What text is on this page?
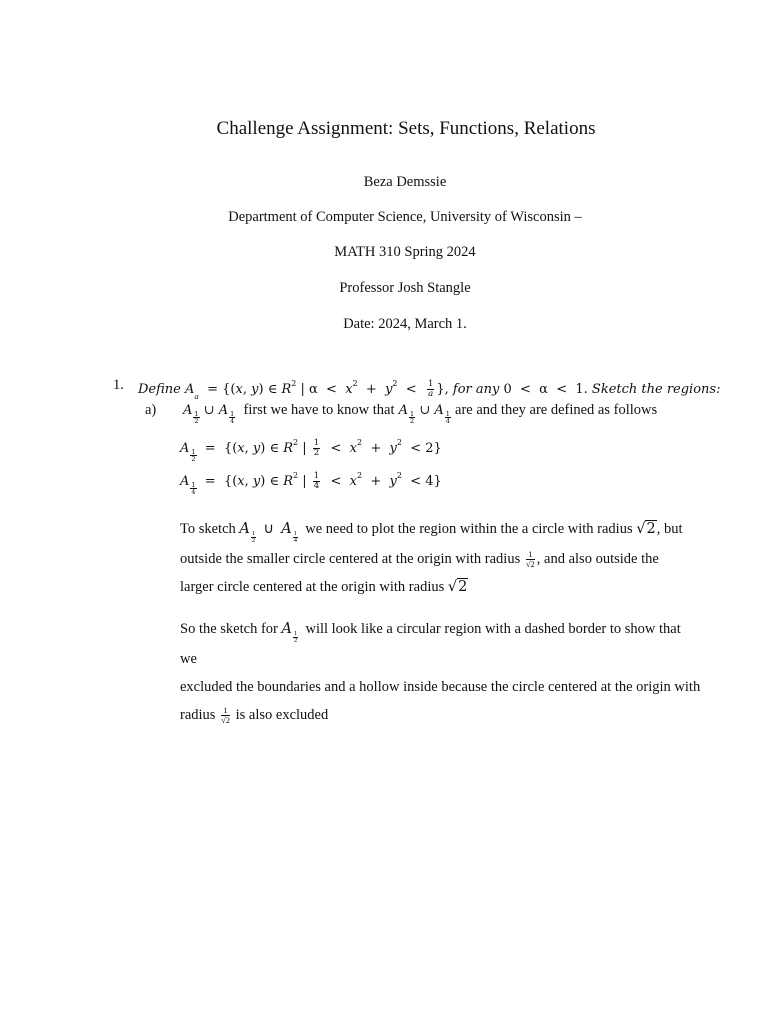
Challenge Assignment: Sets, Functions, Relations
Beza Demssie
Department of Computer Science, University of Wisconsin –
MATH 310 Spring 2024
Professor Josh Stangle
Date: 2024, March 1.
1. Define $A_a = \{(x$, y) ∈ $R^2$ | $\alpha < x^2 + y^2 < \frac{1}{a}$ }, for any 0  <  α  <  1. Sketch the regions:
a) A $\frac{1}{2}$ ∪ A $\frac{1}{4}$ first we have to know that A $\frac{1}{2}$ ∪ A $\frac{1}{4}$ are and they are defined as follows
A $\frac{1}{2} = \{(x$, y) ∈ $R^2$ | $\frac{1}{2} < x^2 + y^2 < 2$}
A $\frac{1}{4} = \{(x$, y) ∈ $R^2$ | $\frac{1}{4} < x^2 + y^2 < 4$}
To sketch A
$\frac{1}{2}$
∪  A
$\frac{1}{4}$
we need to plot the region within the a circle with radius √2, but
outside the smaller circle centered at the origin with radius $\frac{1}{√2}$ , and also outside the
larger circle centered at the origin with radius √2
So the sketch for A
$\frac{1}{2}$
will look like a circular region with a dashed border to show that we
excluded the boundaries and a hollow inside because the circle centered at the origin with
radius $\frac{1}{√2}$ is also excluded
